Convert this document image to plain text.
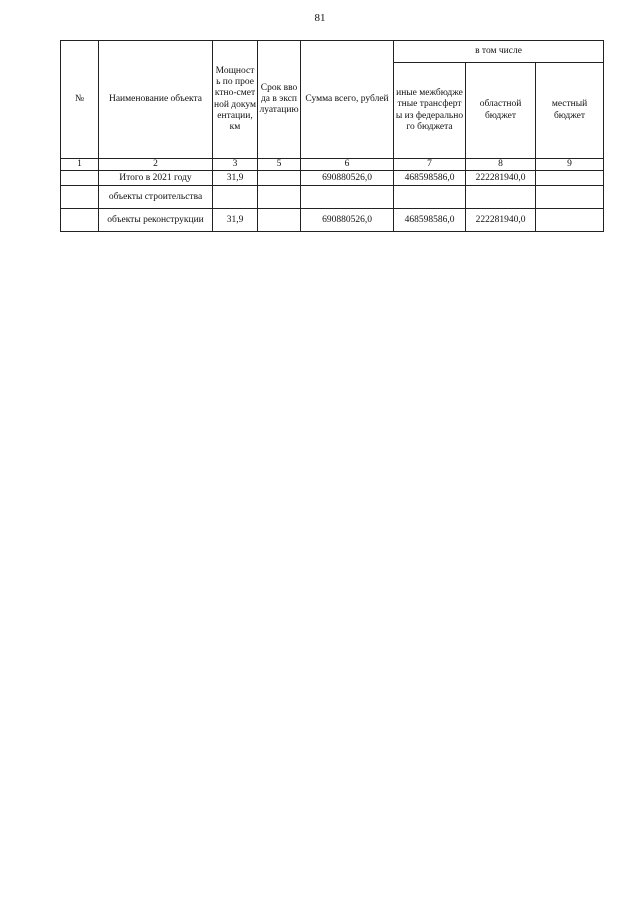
81
№	Наименование объекта	Мощность по проектно-сметной документации, км	Срок ввода в эксплуатацию	Сумма всего, рублей	в том числе		
					иные межбюджетные трансферты из федерального бюджета	областной бюджет	местный бюджет
1	2	3	5	6	7	8	9
	Итого в 2021 году	31,9		690880526,0	468598586,0	222281940,0	
	объекты строительства						
	объекты реконструкции	31,9		690880526,0	468598586,0	222281940,0	
